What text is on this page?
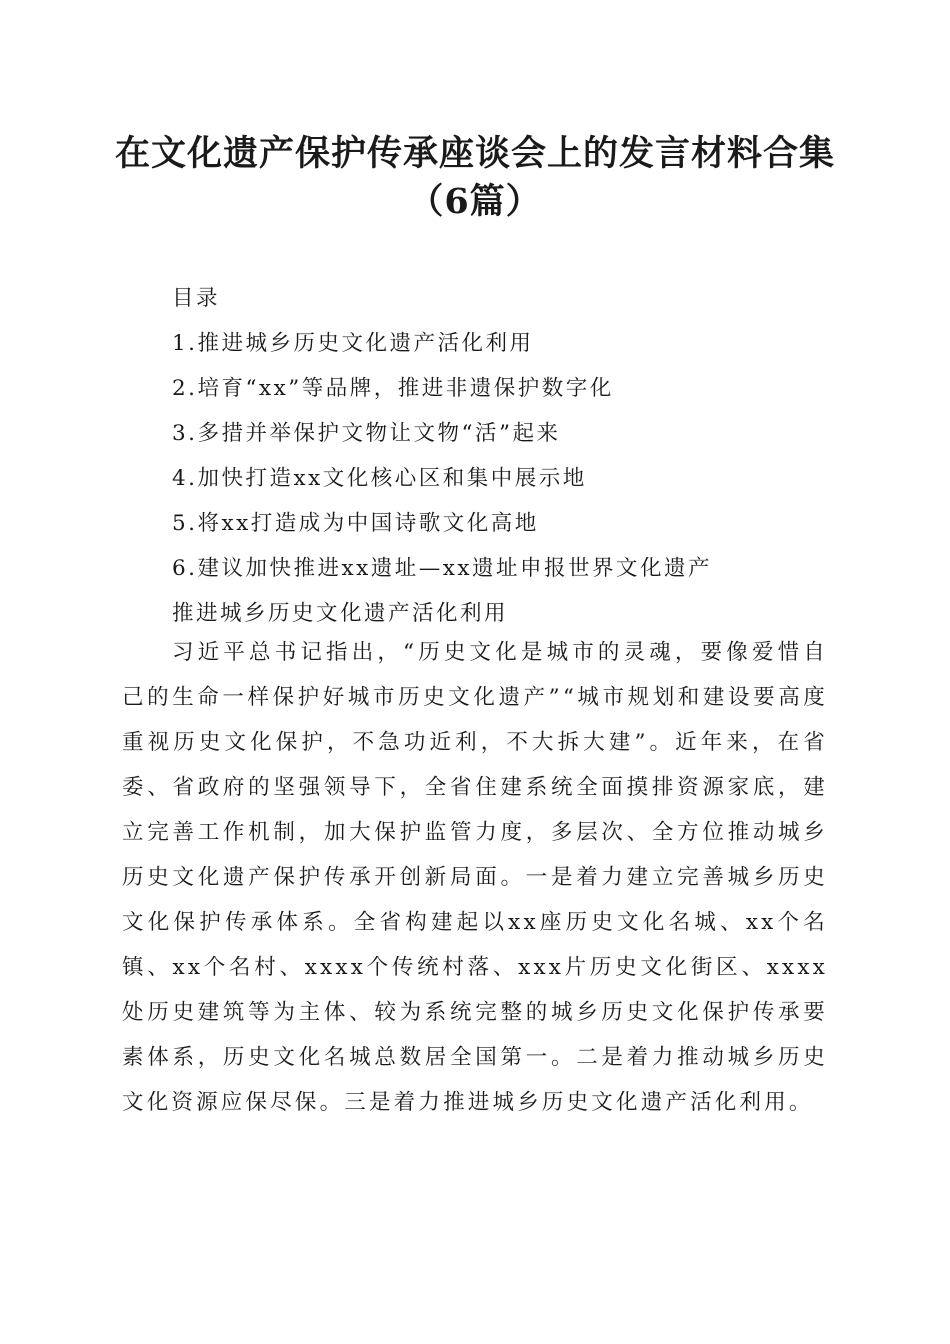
在文化遗产保护传承座谈会上的发言材料合集
（6篇）
目录
1.推进城乡历史文化遗产活化利用
2.培育“xx”等品牌，推进非遗保护数字化
3.多措并举保护文物让文物“活”起来
4.加快打造xx文化核心区和集中展示地
5.将xx打造成为中国诗歌文化高地
6.建议加快推进xx遗址—xx遗址申报世界文化遗产
推进城乡历史文化遗产活化利用
习近平总书记指出，“历史文化是城市的灵魂，要像爱惜自己的生命一样保护好城市历史文化遗产”“城市规划和建设要高度重视历史文化保护，不急功近利，不大拆大建”。近年来，在省委、省政府的坚强领导下，全省住建系统全面摸排资源家底，建立完善工作机制，加大保护监管力度，多层次、全方位推动城乡历史文化遗产保护传承开创新局面。一是着力建立完善城乡历史文化保护传承体系。全省构建起以xx座历史文化名城、xx个名镇、xx个名村、xxxx个传统村落、xxx片历史文化街区、xxxx处历史建筑等为主体、较为系统完整的城乡历史文化保护传承要素体系，历史文化名城总数居全国第一。二是着力推动城乡历史文化资源应保尽保。三是着力推进城乡历史文化遗产活化利用。
